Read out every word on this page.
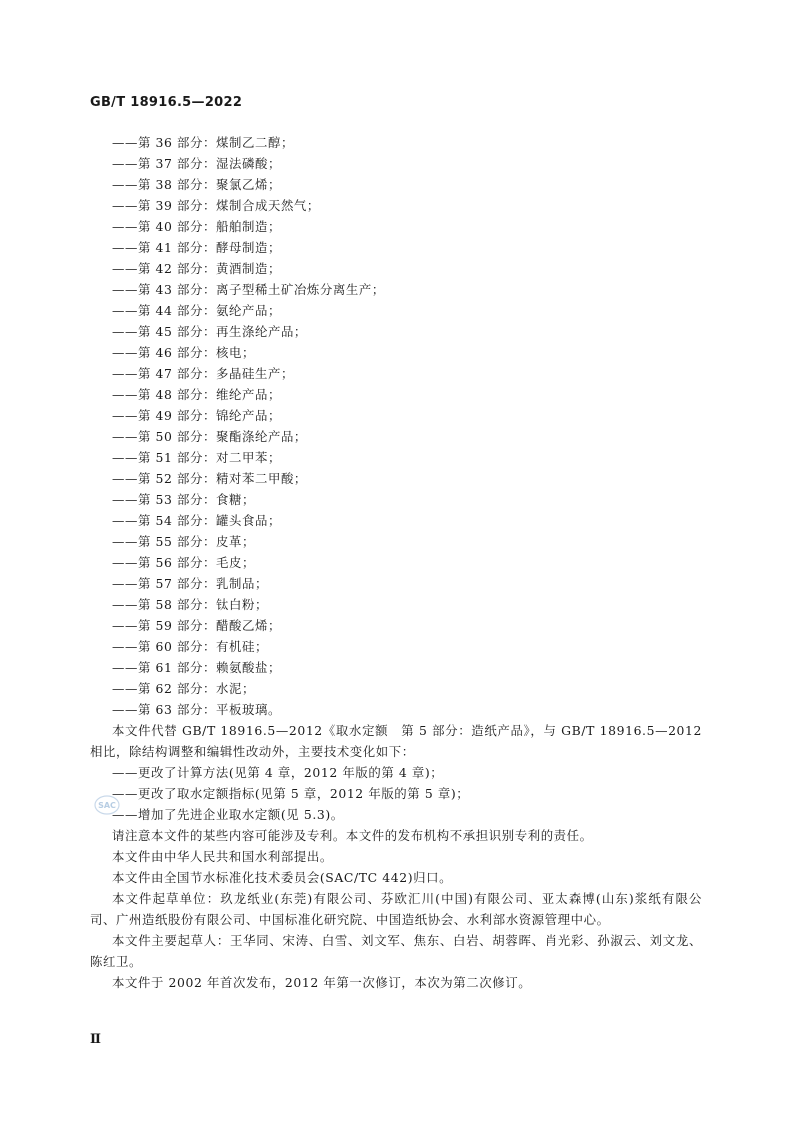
GB/T 18916.5—2022
——第 36 部分：煤制乙二醇；
——第 37 部分：湿法磷酸；
——第 38 部分：聚氯乙烯；
——第 39 部分：煤制合成天然气；
——第 40 部分：船舶制造；
——第 41 部分：酵母制造；
——第 42 部分：黄酒制造；
——第 43 部分：离子型稀土矿冶炼分离生产；
——第 44 部分：氨纶产品；
——第 45 部分：再生涤纶产品；
——第 46 部分：核电；
——第 47 部分：多晶硅生产；
——第 48 部分：维纶产品；
——第 49 部分：锦纶产品；
——第 50 部分：聚酯涤纶产品；
——第 51 部分：对二甲苯；
——第 52 部分：精对苯二甲酸；
——第 53 部分：食糖；
——第 54 部分：罐头食品；
——第 55 部分：皮革；
——第 56 部分：毛皮；
——第 57 部分：乳制品；
——第 58 部分：钛白粉；
——第 59 部分：醋酸乙烯；
——第 60 部分：有机硅；
——第 61 部分：赖氨酸盐；
——第 62 部分：水泥；
——第 63 部分：平板玻璃。

本文件代替 GB/T 18916.5—2012《取水定额　第 5 部分：造纸产品》，与 GB/T 18916.5—2012 相比，除结构调整和编辑性改动外，主要技术变化如下：

——更改了计算方法(见第 4 章，2012 年版的第 4 章)；
——更改了取水定额指标(见第 5 章，2012 年版的第 5 章)；
——增加了先进企业取水定额(见 5.3)。

请注意本文件的某些内容可能涉及专利。本文件的发布机构不承担识别专利的责任。

本文件由中华人民共和国水利部提出。

本文件由全国节水标准化技术委员会(SAC/TC 442)归口。

本文件起草单位：玖龙纸业(东莞)有限公司、芬欧汇川(中国)有限公司、亚太森博(山东)浆纸有限公司、广州造纸股份有限公司、中国标准化研究院、中国造纸协会、水利部水资源管理中心。

本文件主要起草人：王华同、宋涛、白雪、刘文军、焦东、白岩、胡蓉晖、肖光彩、孙淑云、刘文龙、陈红卫。

本文件于 2002 年首次发布，2012 年第一次修订，本次为第二次修订。

SAC
Ⅱ
